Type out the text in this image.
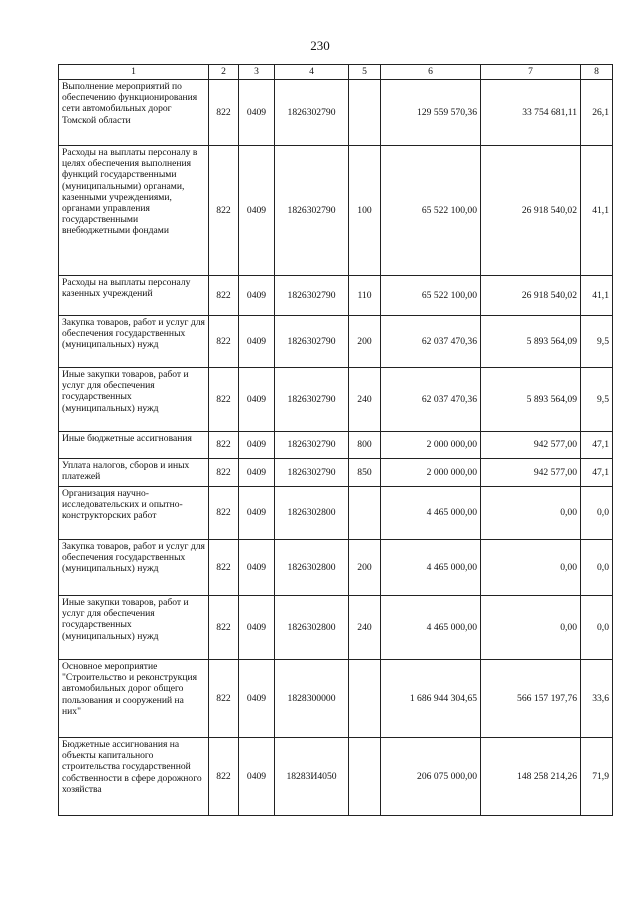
230
1	2	3	4	5	6	7	8
Выполнение мероприятий по обеспечению функционирования сети автомобильных дорог Томской области	822	0409	1826302790		129 559 570,36	33 754 681,11	26,1
Расходы на выплаты персоналу в целях обеспечения выполнения функций государственными (муниципальными) органами, казенными учреждениями, органами управления государственными внебюджетными фондами	822	0409	1826302790	100	65 522 100,00	26 918 540,02	41,1
Расходы на выплаты персоналу казенных учреждений	822	0409	1826302790	110	65 522 100,00	26 918 540,02	41,1
Закупка товаров, работ и услуг для обеспечения государственных (муниципальных) нужд	822	0409	1826302790	200	62 037 470,36	5 893 564,09	9,5
Иные закупки товаров, работ и услуг для обеспечения государственных (муниципальных) нужд	822	0409	1826302790	240	62 037 470,36	5 893 564,09	9,5
Иные бюджетные ассигнования	822	0409	1826302790	800	2 000 000,00	942 577,00	47,1
Уплата налогов, сборов и иных платежей	822	0409	1826302790	850	2 000 000,00	942 577,00	47,1
Организация научно-исследовательских и опытно-конструкторских работ	822	0409	1826302800		4 465 000,00	0,00	0,0
Закупка товаров, работ и услуг для обеспечения государственных (муниципальных) нужд	822	0409	1826302800	200	4 465 000,00	0,00	0,0
Иные закупки товаров, работ и услуг для обеспечения государственных (муниципальных) нужд	822	0409	1826302800	240	4 465 000,00	0,00	0,0
Основное мероприятие "Строительство и реконструкция автомобильных дорог общего пользования и сооружений на них"	822	0409	1828300000		1 686 944 304,65	566 157 197,76	33,6
Бюджетные ассигнования на объекты капитального строительства государственной собственности в сфере дорожного хозяйства	822	0409	18283И4050		206 075 000,00	148 258 214,26	71,9
